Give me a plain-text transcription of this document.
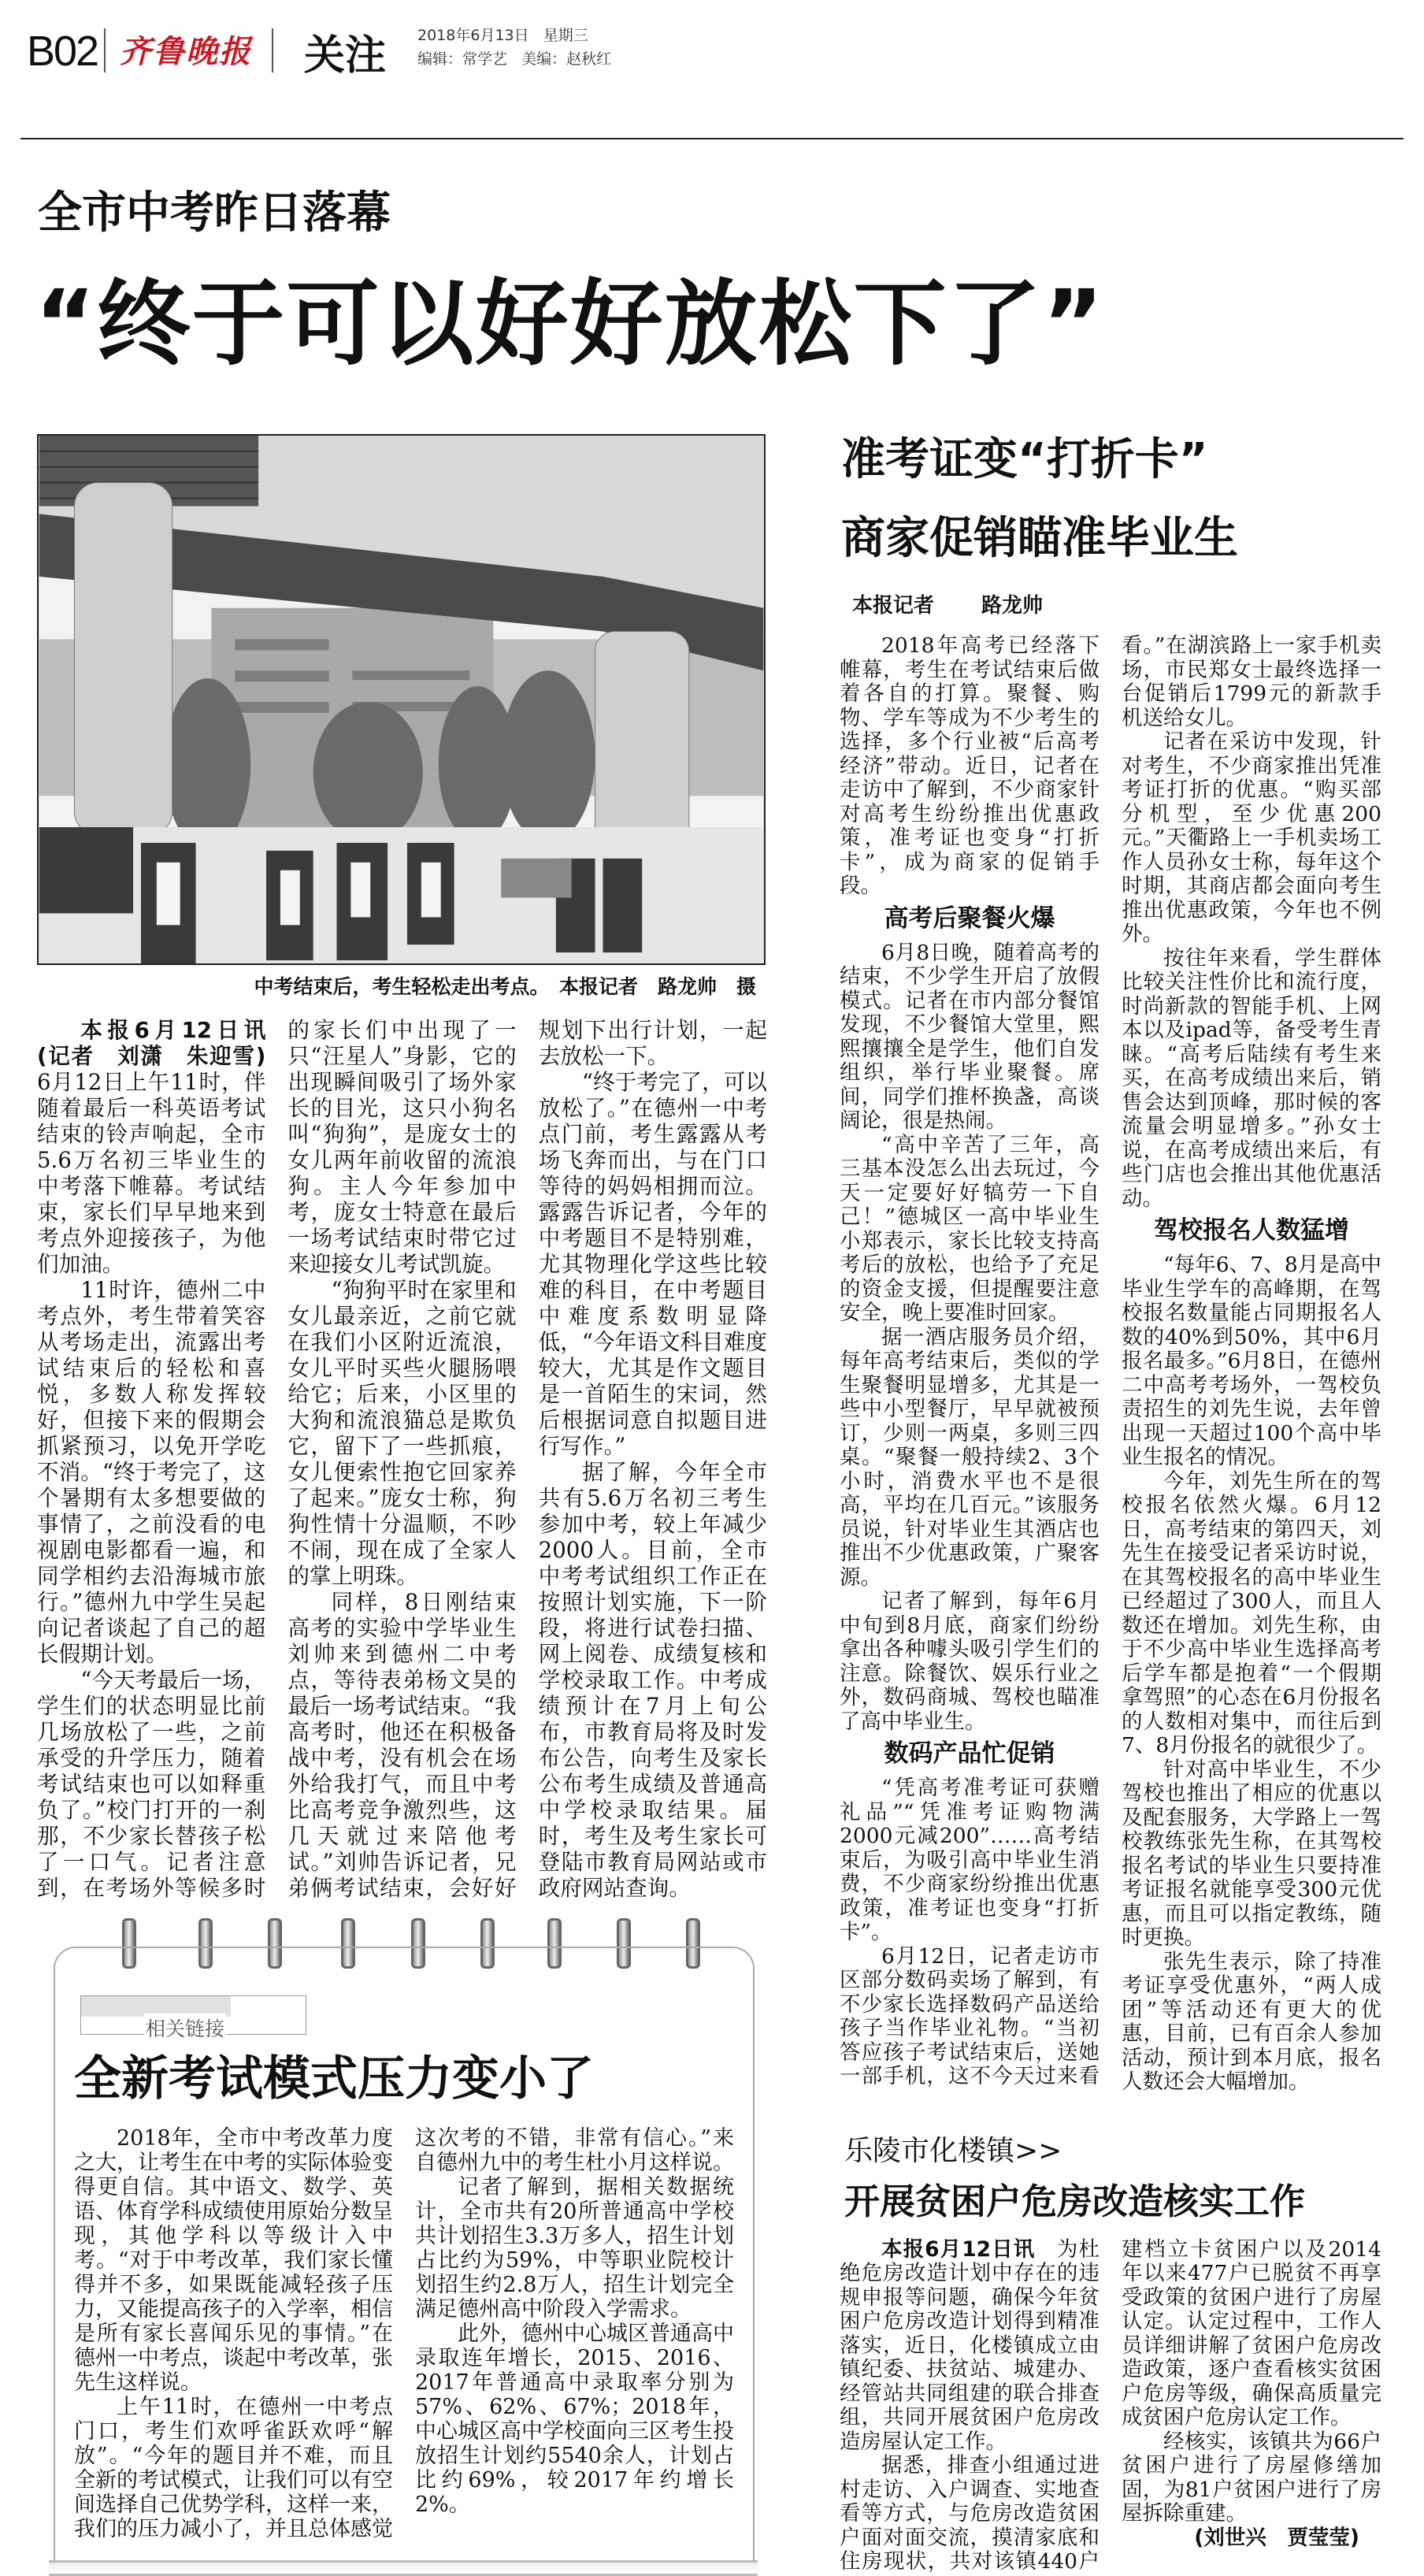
B02 齐鲁晚报 关注 2018年6月13日 星期三
编辑：常学艺 美编：赵秋红
全市中考昨日落幕
“终于可以好好放松下了”
中考结束后，考生轻松走出考点。　本报记者　路龙帅　摄

本报6月12日讯(记者　刘潇　朱迎雪)　6月12日上午11时，伴随着最后一科英语考试结束的铃声响起，全市5.6万名初三毕业生的中考落下帷幕。考试结束，家长们早早地来到考点外迎接孩子，为他们加油。

11时许，德州二中考点外，考生带着笑容从考场走出，流露出考试结束后的轻松和喜悦，多数人称发挥较好，但接下来的假期会抓紧预习，以免开学吃不消。“终于考完了，这个暑期有太多想要做的事情了，之前没看的电视剧电影都看一遍，和同学相约去沿海城市旅行。”德州九中学生吴起向记者谈起了自己的超长假期计划。

“今天考最后一场，学生们的状态明显比前几场放松了一些，之前承受的升学压力，随着考试结束也可以如释重负了。”校门打开的一刹那，不少家长替孩子松了一口气。记者注意到，在考场外等候多时的家长们中出现了一只“汪星人”身影，它的出现瞬间吸引了场外家长的目光，这只小狗名叫“狗狗”，是庞女士的女儿两年前收留的流浪狗。主人今年参加中考，庞女士特意在最后一场考试结束时带它过来迎接女儿考试凯旋。

“狗狗平时在家里和女儿最亲近，之前它就在我们小区附近流浪，女儿平时买些火腿肠喂给它；后来，小区里的大狗和流浪猫总是欺负它，留下了一些抓痕，女儿便索性抱它回家养了起来。”庞女士称，狗狗性情十分温顺，不吵不闹，现在成了全家人的掌上明珠。

同样，8日刚结束高考的实验中学毕业生刘帅来到德州二中考点，等待表弟杨文昊的最后一场考试结束。“我高考时，他还在积极备战中考，没有机会在场外给我打气，而且中考比高考竞争激烈些，这几天就过来陪他考试。”刘帅告诉记者，兄弟俩考试结束，会好好规划下出行计划，一起去放松一下。

“终于考完了，可以放松了。”在德州一中考点门前，考生露露从考场飞奔而出，与在门口等待的妈妈相拥而泣。露露告诉记者，今年的中考题目不是特别难，尤其物理化学这些比较难的科目，在中考题目中难度系数明显降低，“今年语文科目难度较大，尤其是作文题目是一首陌生的宋词，然后根据词意自拟题目进行写作。”

据了解，今年全市共有5.6万名初三考生参加中考，较上年减少2000人。目前，全市中考考试组织工作正在按照计划实施，下一阶段，将进行试卷扫描、网上阅卷、成绩复核和学校录取工作。中考成绩预计在7月上旬公布，市教育局将及时发布公告，向考生及家长公布考生成绩及普通高中学校录取结果。届时，考生及考生家长可登陆市教育局网站或市政府网站查询。

相关链接
全新考试模式压力变小了

2018年，全市中考改革力度之大，让考生在中考的实际体验变得更自信。其中语文、数学、英语、体育学科成绩使用原始分数呈现，其他学科以等级计入中考。“对于中考改革，我们家长懂得并不多，如果既能减轻孩子压力，又能提高孩子的入学率，相信是所有家长喜闻乐见的事情。”在德州一中考点，谈起中考改革，张先生这样说。

上午11时，在德州一中考点门口，考生们欢呼雀跃欢呼“解放”。“今年的题目并不难，而且全新的考试模式，让我们可以有空间选择自己优势学科，这样一来，我们的压力减小了，并且总体感觉这次考的不错，非常有信心。”来自德州九中的考生杜小月这样说。

记者了解到，据相关数据统计，全市共有20所普通高中学校共计划招生3.3万多人，招生计划占比约为59%，中等职业院校计划招生约2.8万人，招生计划完全满足德州高中阶段入学需求。

此外，德州中心城区普通高中录取连年增长，2015、2016、2017年普通高中录取率分别为57%、62%、67%；2018年，中心城区高中学校面向三区考生投放招生计划约5540余人，计划占比约69%，较2017年约增长2%。

准考证变“打折卡”
商家促销瞄准毕业生
本报记者 路龙帅

2018年高考已经落下帷幕，考生在考试结束后做着各自的打算。聚餐、购物、学车等成为不少考生的选择，多个行业被“后高考经济”带动。近日，记者在走访中了解到，不少商家针对高考生纷纷推出优惠政策，准考证也变身“打折卡”，成为商家的促销手段。

高考后聚餐火爆

6月8日晚，随着高考的结束，不少学生开启了放假模式。记者在市内部分餐馆发现，不少餐馆大堂里，熙熙攘攘全是学生，他们自发组织，举行毕业聚餐。席间，同学们推杯换盏，高谈阔论，很是热闹。

“高中辛苦了三年，高三基本没怎么出去玩过，今天一定要好好犒劳一下自己！”德城区一高中毕业生小郑表示，家长比较支持高考后的放松，也给予了充足的资金支援，但提醒要注意安全，晚上要准时回家。

据一酒店服务员介绍，每年高考结束后，类似的学生聚餐明显增多，尤其是一些中小型餐厅，早早就被预订，少则一两桌，多则三四桌。“聚餐一般持续2、3个小时，消费水平也不是很高，平均在几百元。”该服务员说，针对毕业生其酒店也推出不少优惠政策，广聚客源。

记者了解到，每年6月中旬到8月底，商家们纷纷拿出各种噱头吸引学生们的注意。除餐饮、娱乐行业之外，数码商城、驾校也瞄准了高中毕业生。

数码产品忙促销

“凭高考准考证可获赠礼品”“凭准考证购物满2000元减200”……高考结束后，为吸引高中毕业生消费，不少商家纷纷推出优惠政策，准考证也变身“打折卡”。

6月12日，记者走访市区部分数码卖场了解到，有不少家长选择数码产品送给孩子当作毕业礼物。“当初答应孩子考试结束后，送她一部手机，这不今天过来看看。”在湖滨路上一家手机卖场，市民郑女士最终选择一台促销后1799元的新款手机送给女儿。

记者在采访中发现，针对考生，不少商家推出凭准考证打折的优惠。“购买部分机型，至少优惠200元。”天衢路上一手机卖场工作人员孙女士称，每年这个时期，其商店都会面向考生推出优惠政策，今年也不例外。

按往年来看，学生群体比较关注性价比和流行度，时尚新款的智能手机、上网本以及ipad等，备受考生青睐。“高考后陆续有考生来买，在高考成绩出来后，销售会达到顶峰，那时候的客流量会明显增多。”孙女士说，在高考成绩出来后，有些门店也会推出其他优惠活动。

驾校报名人数猛增

“每年6、7、8月是高中毕业生学车的高峰期，在驾校报名数量能占同期报名人数的40%到50%，其中6月报名最多。”6月8日，在德州二中高考考场外，一驾校负责招生的刘先生说，去年曾出现一天超过100个高中毕业生报名的情况。

今年，刘先生所在的驾校报名依然火爆。6月12日，高考结束的第四天，刘先生在接受记者采访时说，在其驾校报名的高中毕业生已经超过了300人，而且人数还在增加。刘先生称，由于不少高中毕业生选择高考后学车都是抱着“一个假期拿驾照”的心态在6月份报名的人数相对集中，而往后到7、8月份报名的就很少了。

针对高中毕业生，不少驾校也推出了相应的优惠以及配套服务，大学路上一驾校教练张先生称，在其驾校报名考试的毕业生只要持准考证报名就能享受300元优惠，而且可以指定教练，随时更换。

张先生表示，除了持准考证享受优惠外，“两人成团”等活动还有更大的优惠，目前，已有百余人参加活动，预计到本月底，报名人数还会大幅增加。

乐陵市化楼镇>>
开展贫困户危房改造核实工作

本报6月12日讯　 为杜绝危房改造计划中存在的违规申报等问题，确保今年贫困户危房改造计划得到精准落实，近日，化楼镇成立由镇纪委、扶贫站、城建办、经管站共同组建的联合排查组，共同开展贫困户危房改造房屋认定工作。

据悉，排查小组通过进村走访、入户调查、实地查看等方式，与危房改造贫困户面对面交流，摸清家底和住房现状，共对该镇440户建档立卡贫困户以及2014年以来477户已脱贫不再享受政策的贫困户进行了房屋认定。认定过程中，工作人员详细讲解了贫困户危房改造政策，逐户查看核实贫困户危房等级，确保高质量完成贫困户危房认定工作。

经核实，该镇共为66户贫困户进行了房屋修缮加固，为81户贫困户进行了房屋拆除重建。

(刘世兴　贾莹莹)
